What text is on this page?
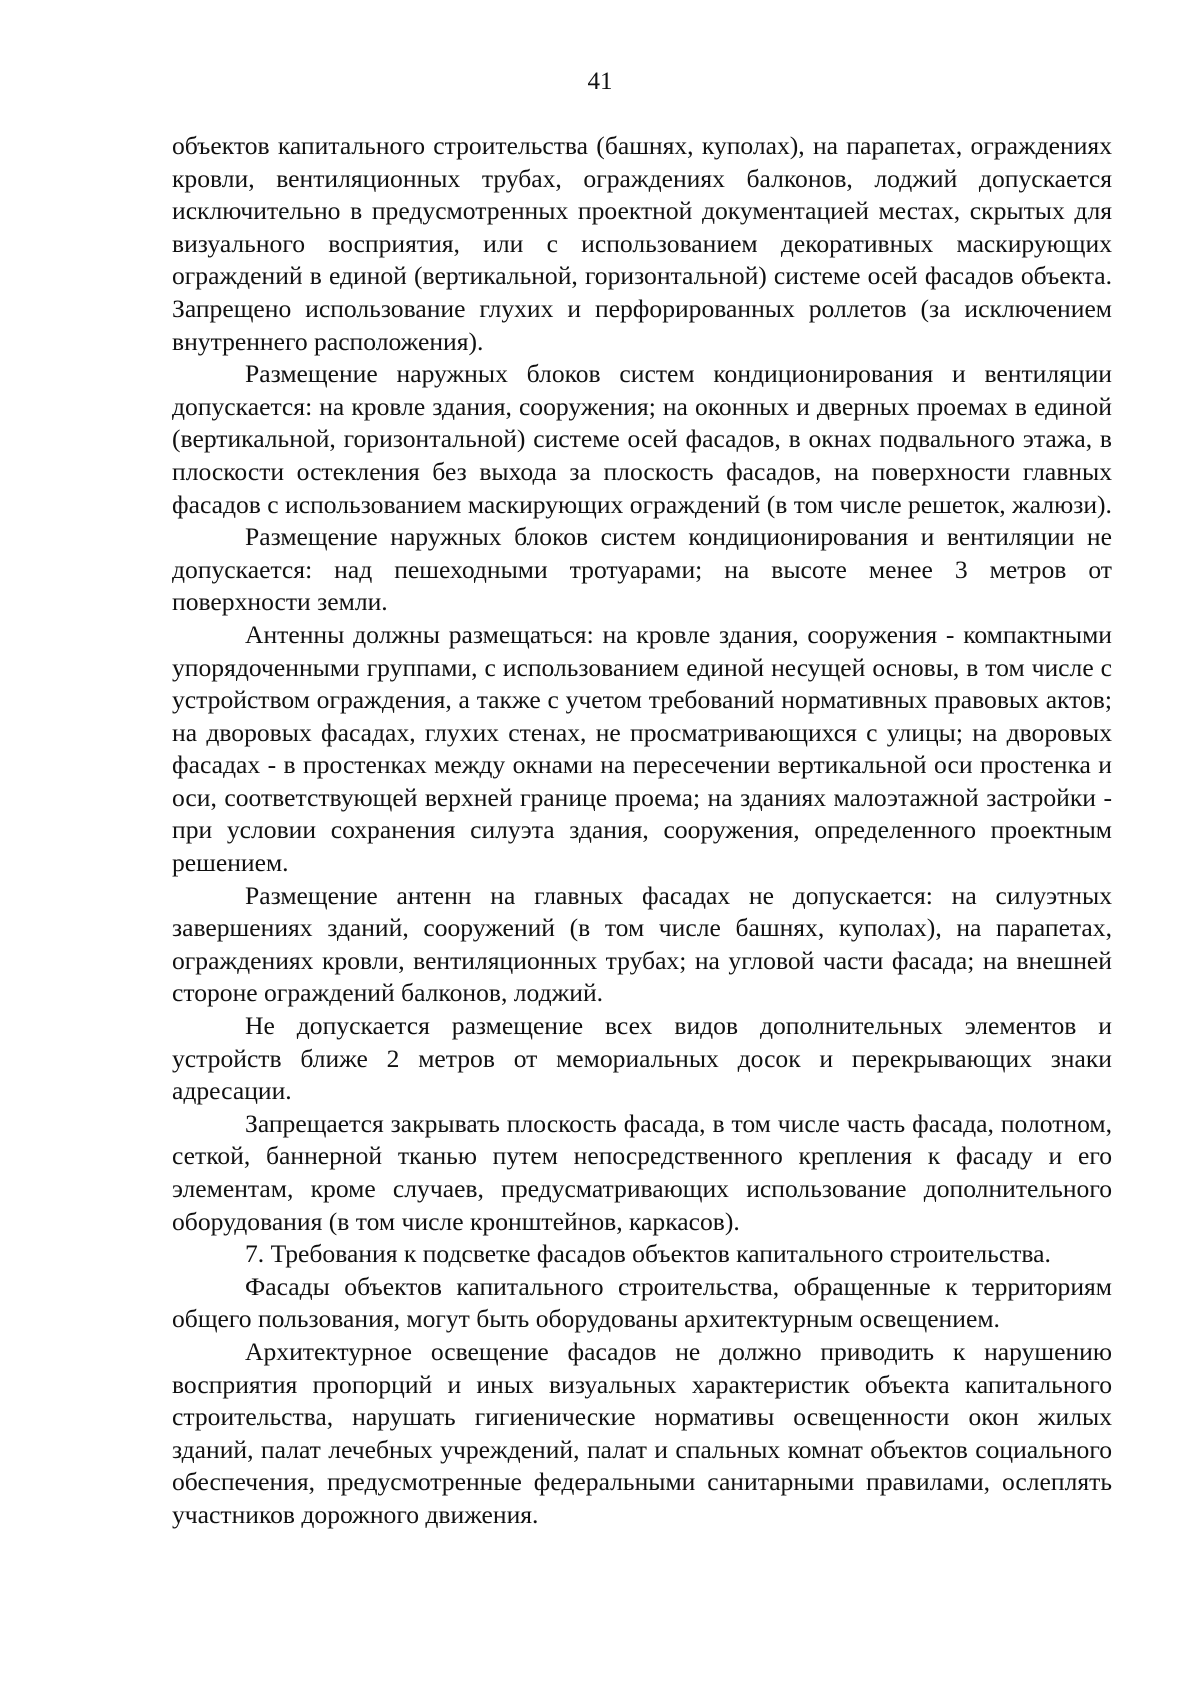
41

объектов капитального строительства (башнях, куполах), на парапетах, ограждениях кровли, вентиляционных трубах, ограждениях балконов, лоджий допускается исключительно в предусмотренных проектной документацией местах, скрытых для визуального восприятия, или с использованием декоративных маскирующих ограждений в единой (вертикальной, горизонтальной) системе осей фасадов объекта. Запрещено использование глухих и перфорированных роллетов (за исключением внутреннего расположения).

Размещение наружных блоков систем кондиционирования и вентиляции допускается: на кровле здания, сооружения; на оконных и дверных проемах в единой (вертикальной, горизонтальной) системе осей фасадов, в окнах подвального этажа, в плоскости остекления без выхода за плоскость фасадов, на поверхности главных фасадов с использованием маскирующих ограждений (в том числе решеток, жалюзи).

Размещение наружных блоков систем кондиционирования и вентиляции не допускается: над пешеходными тротуарами; на высоте менее 3 метров от поверхности земли.

Антенны должны размещаться: на кровле здания, сооружения - компактными упорядоченными группами, с использованием единой несущей основы, в том числе с устройством ограждения, а также с учетом требований нормативных правовых актов; на дворовых фасадах, глухих стенах, не просматривающихся с улицы; на дворовых фасадах - в простенках между окнами на пересечении вертикальной оси простенка и оси, соответствующей верхней границе проема; на зданиях малоэтажной застройки - при условии сохранения силуэта здания, сооружения, определенного проектным решением.

Размещение антенн на главных фасадах не допускается: на силуэтных завершениях зданий, сооружений (в том числе башнях, куполах), на парапетах, ограждениях кровли, вентиляционных трубах; на угловой части фасада; на внешней стороне ограждений балконов, лоджий.

Не допускается размещение всех видов дополнительных элементов и устройств ближе 2 метров от мемориальных досок и перекрывающих знаки адресации.

Запрещается закрывать плоскость фасада, в том числе часть фасада, полотном, сеткой, баннерной тканью путем непосредственного крепления к фасаду и его элементам, кроме случаев, предусматривающих использование дополнительного оборудования (в том числе кронштейнов, каркасов).

7. Требования к подсветке фасадов объектов капитального строительства.

Фасады объектов капитального строительства, обращенные к территориям общего пользования, могут быть оборудованы архитектурным освещением.

Архитектурное освещение фасадов не должно приводить к нарушению восприятия пропорций и иных визуальных характеристик объекта капитального строительства, нарушать гигиенические нормативы освещенности окон жилых зданий, палат лечебных учреждений, палат и спальных комнат объектов социального обеспечения, предусмотренные федеральными санитарными правилами, ослеплять участников дорожного движения.
